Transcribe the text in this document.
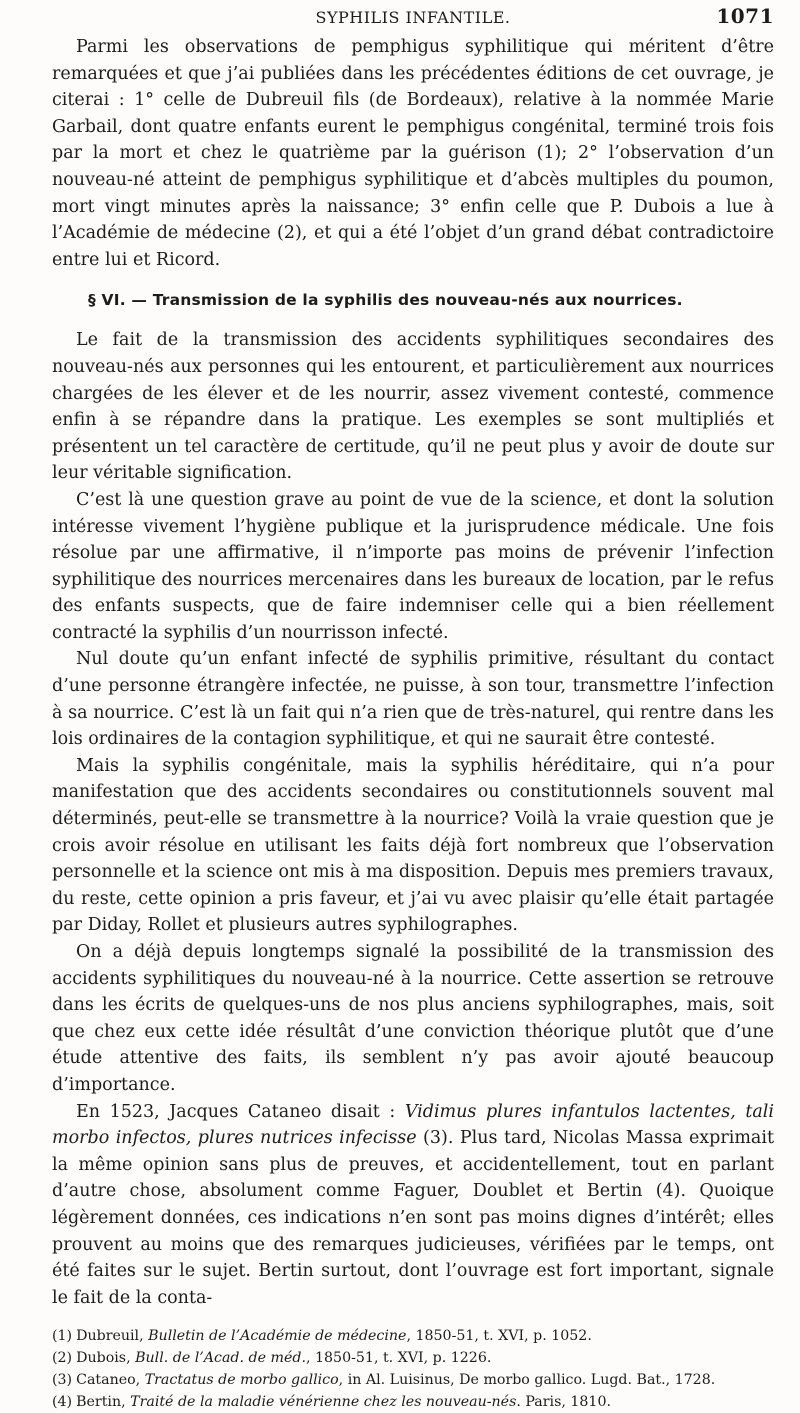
SYPHILIS INFANTILE.	1071

Parmi les observations de pemphigus syphilitique qui méritent d’être remarquées et que j’ai publiées dans les précédentes éditions de cet ouvrage, je citerai : 1° celle de Dubreuil fils (de Bordeaux), relative à la nommée Marie Garbail, dont quatre enfants eurent le pemphigus congénital, terminé trois fois par la mort et chez le quatrième par la guérison (1); 2° l’observation d’un nouveau-né atteint de pemphigus syphilitique et d’abcès multiples du poumon, mort vingt minutes après la naissance; 3° enfin celle que P. Dubois a lue à l’Académie de médecine (2), et qui a été l’objet d’un grand débat contradictoire entre lui et Ricord.

§ VI. — Transmission de la syphilis des nouveau-nés aux nourrices.

Le fait de la transmission des accidents syphilitiques secondaires des nouveau-nés aux personnes qui les entourent, et particulièrement aux nourrices chargées de les élever et de les nourrir, assez vivement contesté, commence enfin à se répandre dans la pratique. Les exemples se sont multipliés et présentent un tel caractère de certitude, qu’il ne peut plus y avoir de doute sur leur véritable signification.

C’est là une question grave au point de vue de la science, et dont la solution intéresse vivement l’hygiène publique et la jurisprudence médicale. Une fois résolue par une affirmative, il n’importe pas moins de prévenir l’infection syphilitique des nourrices mercenaires dans les bureaux de location, par le refus des enfants suspects, que de faire indemniser celle qui a bien réellement contracté la syphilis d’un nourrisson infecté.

Nul doute qu’un enfant infecté de syphilis primitive, résultant du contact d’une personne étrangère infectée, ne puisse, à son tour, transmettre l’infection à sa nourrice. C’est là un fait qui n’a rien que de très-naturel, qui rentre dans les lois ordinaires de la contagion syphilitique, et qui ne saurait être contesté.

Mais la syphilis congénitale, mais la syphilis héréditaire, qui n’a pour manifestation que des accidents secondaires ou constitutionnels souvent mal déterminés, peut-elle se transmettre à la nourrice? Voilà la vraie question que je crois avoir résolue en utilisant les faits déjà fort nombreux que l’observation personnelle et la science ont mis à ma disposition. Depuis mes premiers travaux, du reste, cette opinion a pris faveur, et j’ai vu avec plaisir qu’elle était partagée par Diday, Rollet et plusieurs autres syphilographes.

On a déjà depuis longtemps signalé la possibilité de la transmission des accidents syphilitiques du nouveau-né à la nourrice. Cette assertion se retrouve dans les écrits de quelques-uns de nos plus anciens syphilographes, mais, soit que chez eux cette idée résultât d’une conviction théorique plutôt que d’une étude attentive des faits, ils semblent n’y pas avoir ajouté beaucoup d’importance.

En 1523, Jacques Cataneo disait : Vidimus plures infantulos lactentes, tali morbo infectos, plures nutrices infecisse (3). Plus tard, Nicolas Massa exprimait la même opinion sans plus de preuves, et accidentellement, tout en parlant d’autre chose, absolument comme Faguer, Doublet et Bertin (4). Quoique légèrement données, ces indications n’en sont pas moins dignes d’intérêt; elles prouvent au moins que des remarques judicieuses, vérifiées par le temps, ont été faites sur le sujet. Bertin surtout, dont l’ouvrage est fort important, signale le fait de la conta-

(1) Dubreuil, Bulletin de l’Académie de médecine, 1850-51, t. XVI, p. 1052.

(2) Dubois, Bull. de l’Acad. de méd., 1850-51, t. XVI, p. 1226.

(3) Cataneo, Tractatus de morbo gallico, in Al. Luisinus, De morbo gallico. Lugd. Bat., 1728.

(4) Bertin, Traité de la maladie vénérienne chez les nouveau-nés. Paris, 1810.
